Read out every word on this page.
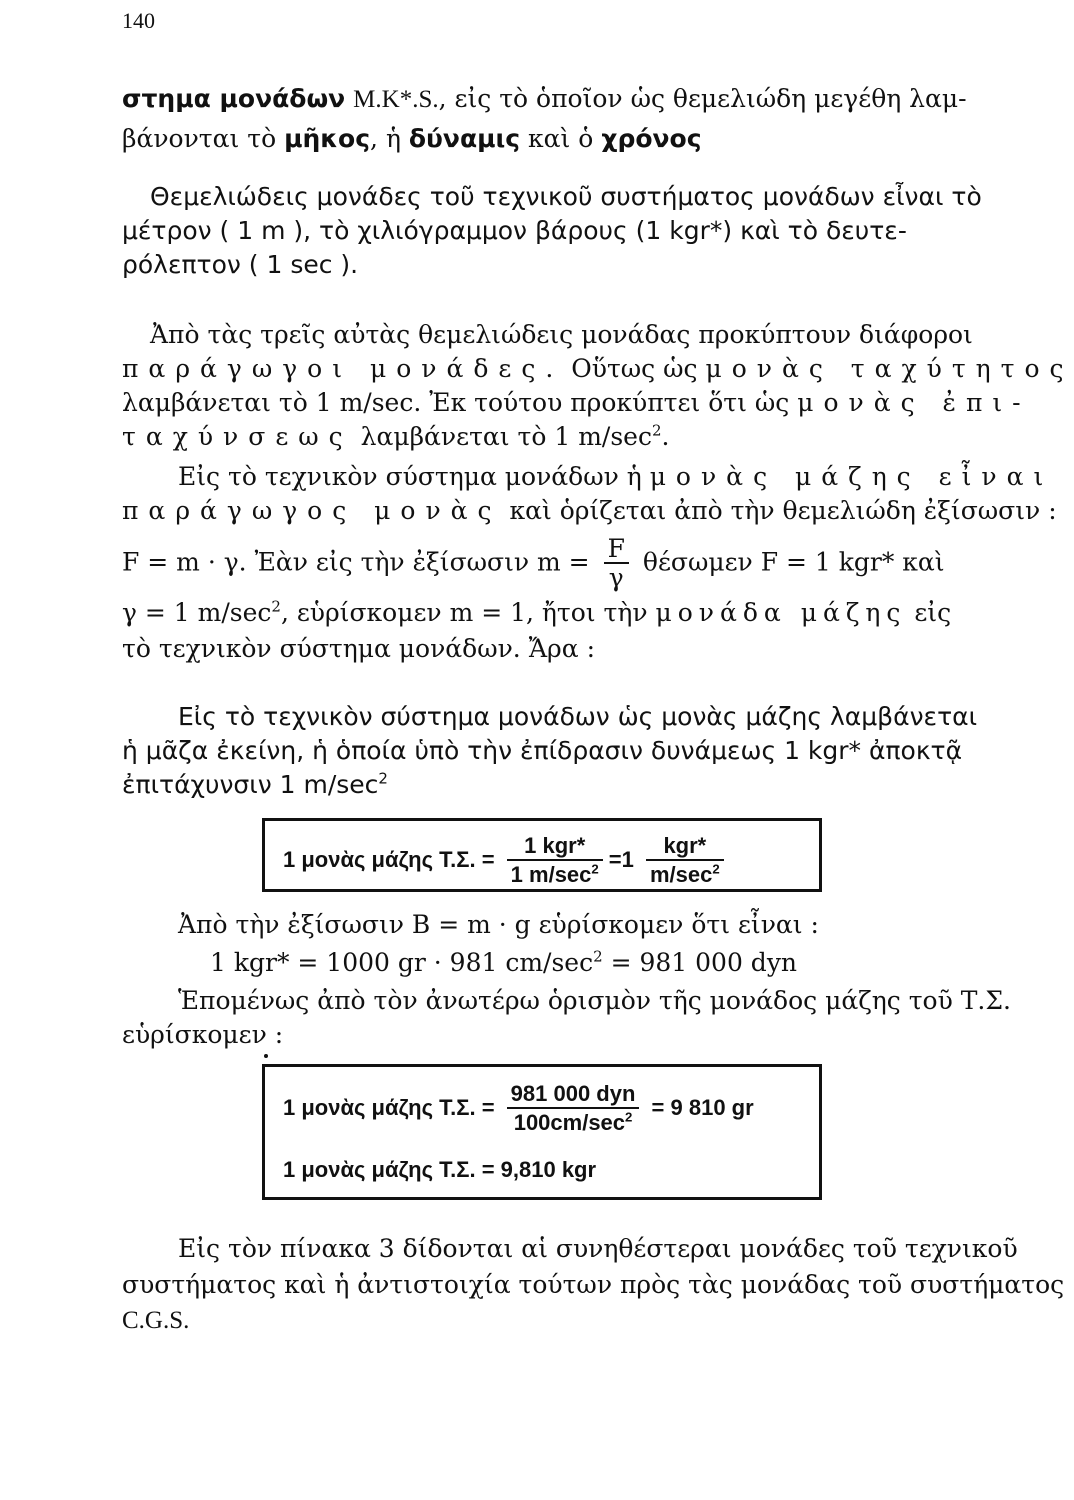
140
στημα μονάδων M.K*.S., εἰς τὸ ὁποῖον ὡς θεμελιώδη μεγέθη λαμ-
βάνονται τὸ μῆκος, ἡ δύναμις καὶ ὁ χρόνος
Θεμελιώδεις μονάδες τοῦ τεχνικοῦ συστήματος μονάδων εἶναι τὸ
μέτρον ( 1 m ), τὸ χιλιόγραμμον βάρους (1 kgr*) καὶ τὸ δευτε-
ρόλεπτον ( 1 sec ).
Ἀπὸ τὰς τρεῖς αὐτὰς θεμελιώδεις μονάδας προκύπτουν διάφοροι
παράγωγοι μονάδες. Οὕτως ὡς μονὰς ταχύτητος
λαμβάνεται τὸ 1 m/sec. Ἐκ τούτου προκύπτει ὅτι ὡς μονὰς ἐπι-
ταχύνσεως λαμβάνεται τὸ 1 $m/\sec^2$.
Εἰς τὸ τεχνικὸν σύστημα μονάδων ἡ μονὰς μάζης εἶναι
παράγωγος μονὰς καὶ ὁρίζεται ἀπὸ τὴν θεμελιώδη ἐξίσωσιν :
F = m · γ. Ἐὰν εἰς τὴν ἐξίσωσιν $m = \frac{F}{\gamma}$ θέσωμεν F = 1 kgr* καὶ
γ = 1 $m/\sec^2$, εὑρίσκομεν m = 1, ἤτοι τὴν μονάδα μάζης εἰς
τὸ τεχνικὸν σύστημα μονάδων. Ἄρα :
Εἰς τὸ τεχνικὸν σύστημα μονάδων ὡς μονὰς μάζης λαμβάνεται
ἡ μᾶζα ἐκείνη, ἡ ὁποία ὑπὸ τὴν ἐπίδρασιν δυνάμεως 1 kgr* ἀποκτᾷ
ἐπιτάχυνσιν 1 $m/\sec^2$
1 μονὰς μάζης Τ.Σ. = $\frac{\text{1 kgr*}}{1 m/\sec^2} =1 \frac{\text{kgr*}}{m/\sec^2}$
Ἀπὸ τὴν ἐξίσωσιν B = m · g εὑρίσκομεν ὅτι εἶναι :
1 kgr* = 1000 gr · 981 $cm/\sec^2 = 981$ 000 dyn
Ἑπομένως ἀπὸ τὸν ἀνωτέρω ὁρισμὸν τῆς μονάδος μάζης τοῦ Τ.Σ.
εὑρίσκομεν :
1 μονὰς μάζης Τ.Σ. = $\frac{\text{981 000 dyn}}{100cm/\sec^2} = 9$ 810 gr
1 μονὰς μάζης Τ.Σ. = 9,810 kgr
Εἰς τὸν πίνακα 3 δίδονται αἱ συνηθέστεραι μονάδες τοῦ τεχνικοῦ
συστήματος καὶ ἡ ἀντιστοιχία τούτων πρὸς τὰς μονάδας τοῦ συστήματος
C.G.S.
